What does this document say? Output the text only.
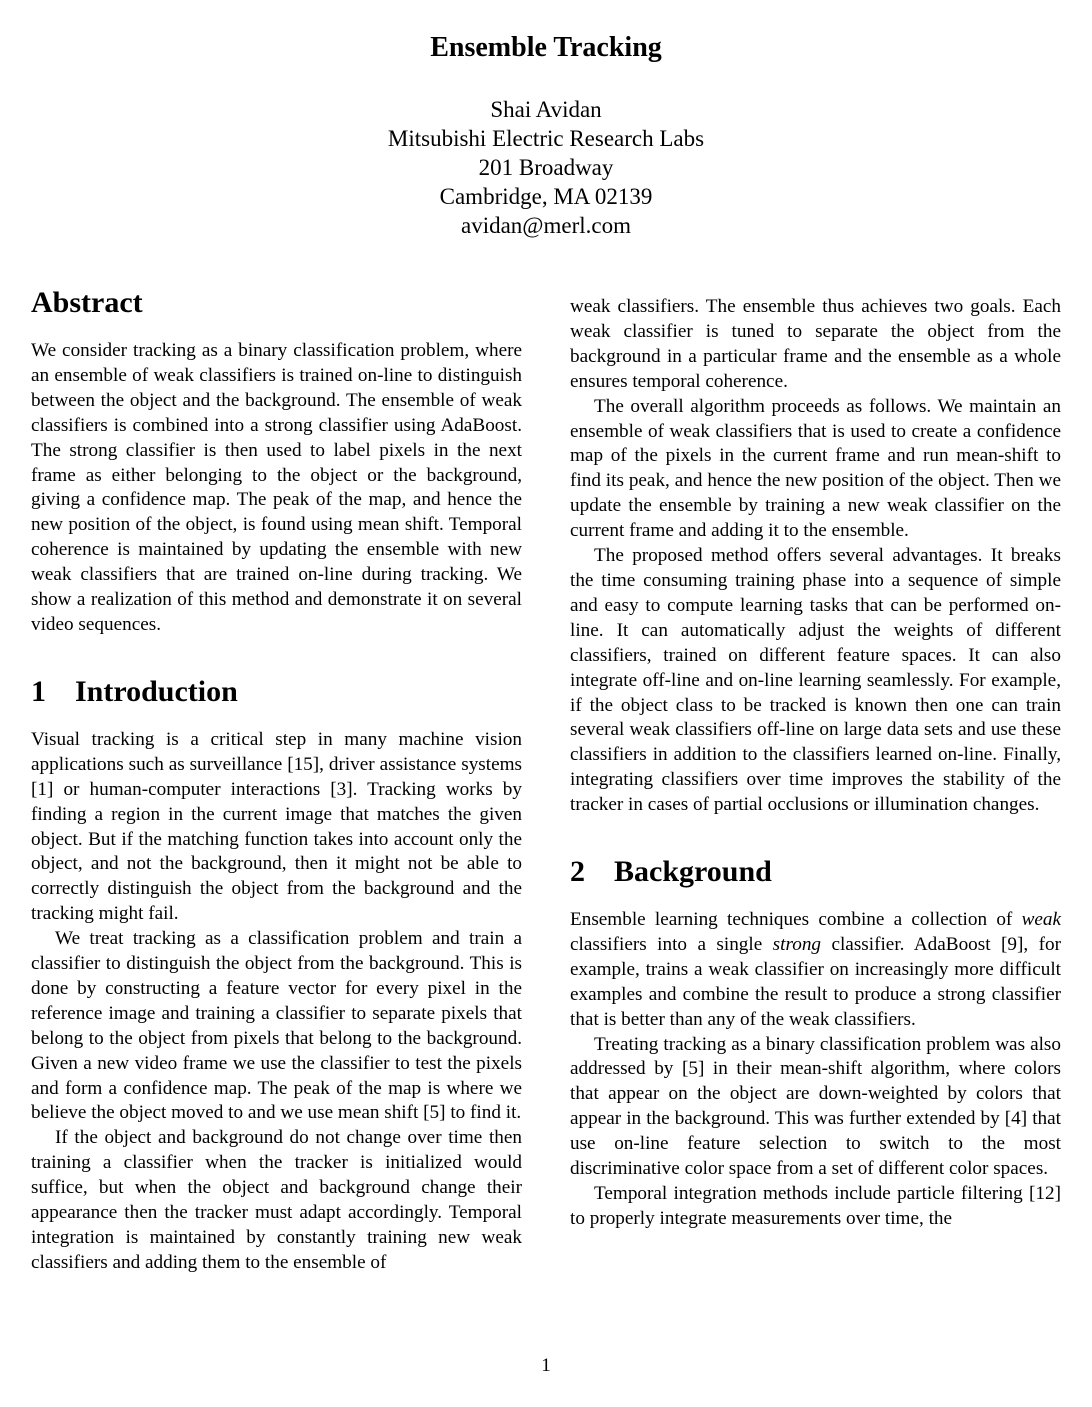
Ensemble Tracking
Shai Avidan
Mitsubishi Electric Research Labs
201 Broadway
Cambridge, MA 02139
avidan@merl.com
Abstract

We consider tracking as a binary classification problem, where an ensemble of weak classifiers is trained on-line to distinguish between the object and the background. The ensemble of weak classifiers is combined into a strong classifier using AdaBoost. The strong classifier is then used to label pixels in the next frame as either belonging to the object or the background, giving a confidence map. The peak of the map, and hence the new position of the object, is found using mean shift. Temporal coherence is maintained by updating the ensemble with new weak classifiers that are trained on-line during tracking. We show a realization of this method and demonstrate it on several video sequences.

1 Introduction

Visual tracking is a critical step in many machine vision applications such as surveillance [15], driver assistance systems [1] or human-computer interactions [3]. Tracking works by finding a region in the current image that matches the given object. But if the matching function takes into account only the object, and not the background, then it might not be able to correctly distinguish the object from the background and the tracking might fail.

We treat tracking as a classification problem and train a classifier to distinguish the object from the background. This is done by constructing a feature vector for every pixel in the reference image and training a classifier to separate pixels that belong to the object from pixels that belong to the background. Given a new video frame we use the classifier to test the pixels and form a confidence map. The peak of the map is where we believe the object moved to and we use mean shift [5] to find it.

If the object and background do not change over time then training a classifier when the tracker is initialized would suffice, but when the object and background change their appearance then the tracker must adapt accordingly. Temporal integration is maintained by constantly training new weak classifiers and adding them to the ensemble of

weak classifiers. The ensemble thus achieves two goals. Each weak classifier is tuned to separate the object from the background in a particular frame and the ensemble as a whole ensures temporal coherence.

The overall algorithm proceeds as follows. We maintain an ensemble of weak classifiers that is used to create a confidence map of the pixels in the current frame and run mean-shift to find its peak, and hence the new position of the object. Then we update the ensemble by training a new weak classifier on the current frame and adding it to the ensemble.

The proposed method offers several advantages. It breaks the time consuming training phase into a sequence of simple and easy to compute learning tasks that can be performed on-line. It can automatically adjust the weights of different classifiers, trained on different feature spaces. It can also integrate off-line and on-line learning seamlessly. For example, if the object class to be tracked is known then one can train several weak classifiers off-line on large data sets and use these classifiers in addition to the classifiers learned on-line. Finally, integrating classifiers over time improves the stability of the tracker in cases of partial occlusions or illumination changes.

2 Background

Ensemble learning techniques combine a collection of weak classifiers into a single strong classifier. AdaBoost [9], for example, trains a weak classifier on increasingly more difficult examples and combine the result to produce a strong classifier that is better than any of the weak classifiers.

Treating tracking as a binary classification problem was also addressed by [5] in their mean-shift algorithm, where colors that appear on the object are down-weighted by colors that appear in the background. This was further extended by [4] that use on-line feature selection to switch to the most discriminative color space from a set of different color spaces.

Temporal integration methods include particle filtering [12] to properly integrate measurements over time, the

1
